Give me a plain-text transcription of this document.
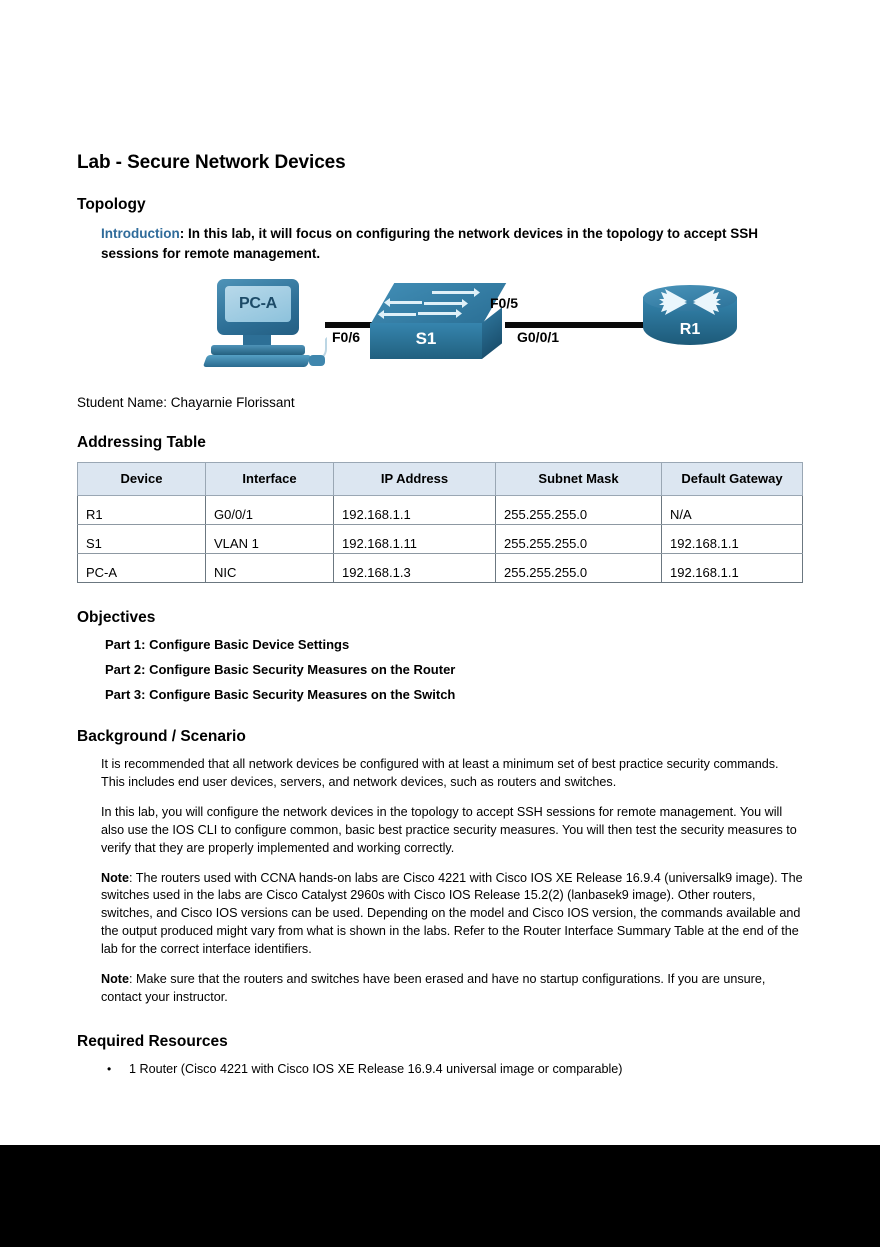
Lab - Secure Network Devices
Topology
Introduction: In this lab, it will focus on configuring the network devices in the topology to accept SSH sessions for remote management.
PC-A
S1	R1
F0/6
F0/5
G0/0/1
Student Name: Chayarnie Florissant
Addressing Table
Device	Interface	IP Address	Subnet Mask	Default Gateway
R1	G0/0/1	192.168.1.1	255.255.255.0	N/A
S1	VLAN 1	192.168.1.11	255.255.255.0	192.168.1.1
PC-A	NIC	192.168.1.3	255.255.255.0	192.168.1.1
Objectives
Part 1: Configure Basic Device Settings
Part 2: Configure Basic Security Measures on the Router
Part 3: Configure Basic Security Measures on the Switch
Background / Scenario

It is recommended that all network devices be configured with at least a minimum set of best practice security commands. This includes end user devices, servers, and network devices, such as routers and switches.

In this lab, you will configure the network devices in the topology to accept SSH sessions for remote management. You will also use the IOS CLI to configure common, basic best practice security measures. You will then test the security measures to verify that they are properly implemented and working correctly.

Note: The routers used with CCNA hands-on labs are Cisco 4221 with Cisco IOS XE Release 16.9.4 (universalk9 image). The switches used in the labs are Cisco Catalyst 2960s with Cisco IOS Release 15.2(2) (lanbasek9 image). Other routers, switches, and Cisco IOS versions can be used. Depending on the model and Cisco IOS version, the commands available and the output produced might vary from what is shown in the labs. Refer to the Router Interface Summary Table at the end of the lab for the correct interface identifiers.

Note: Make sure that the routers and switches have been erased and have no startup configurations. If you are unsure, contact your instructor.

Required Resources
•	1 Router (Cisco 4221 with Cisco IOS XE Release 16.9.4 universal image or comparable)
